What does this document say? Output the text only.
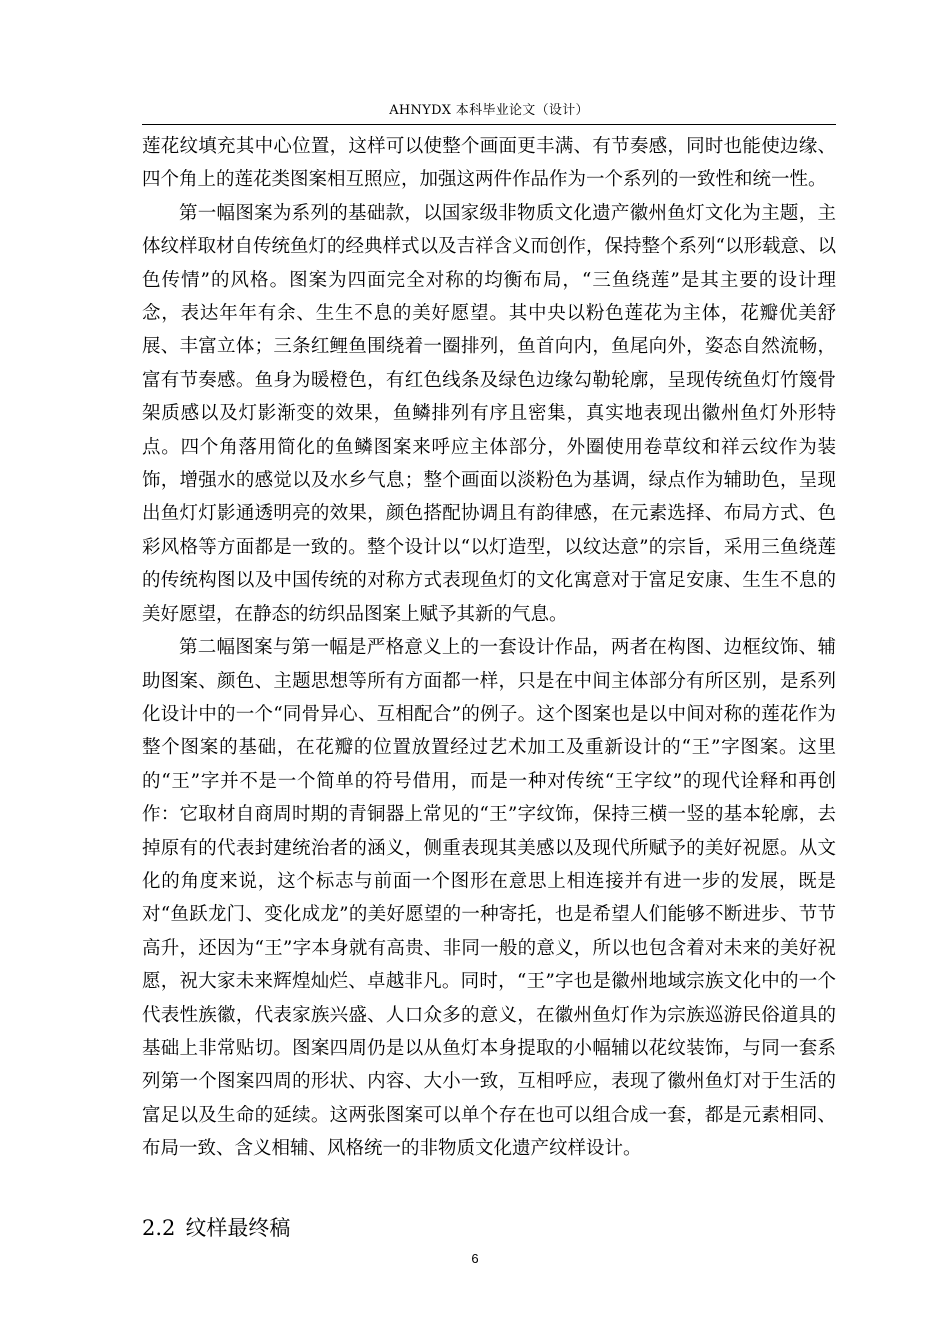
AHNYDX 本科毕业论文（设计）

莲花纹填充其中心位置，这样可以使整个画面更丰满、有节奏感，同时也能使边缘、四个角上的莲花类图案相互照应，加强这两件作品作为一个系列的一致性和统一性。

第一幅图案为系列的基础款，以国家级非物质文化遗产徽州鱼灯文化为主题，主体纹样取材自传统鱼灯的经典样式以及吉祥含义而创作，保持整个系列“以形载意、以色传情”的风格。图案为四面完全对称的均衡布局，“三鱼绕莲”是其主要的设计理念，表达年年有余、生生不息的美好愿望。其中央以粉色莲花为主体，花瓣优美舒展、丰富立体；三条红鲤鱼围绕着一圈排列，鱼首向内，鱼尾向外，姿态自然流畅，富有节奏感。鱼身为暖橙色，有红色线条及绿色边缘勾勒轮廓，呈现传统鱼灯竹篾骨架质感以及灯影渐变的效果，鱼鳞排列有序且密集，真实地表现出徽州鱼灯外形特点。四个角落用简化的鱼鳞图案来呼应主体部分，外圈使用卷草纹和祥云纹作为装饰，增强水的感觉以及水乡气息；整个画面以淡粉色为基调，绿点作为辅助色，呈现出鱼灯灯影通透明亮的效果，颜色搭配协调且有韵律感，在元素选择、布局方式、色彩风格等方面都是一致的。整个设计以“以灯造型，以纹达意”的宗旨，采用三鱼绕莲的传统构图以及中国传统的对称方式表现鱼灯的文化寓意对于富足安康、生生不息的美好愿望，在静态的纺织品图案上赋予其新的气息。

第二幅图案与第一幅是严格意义上的一套设计作品，两者在构图、边框纹饰、辅助图案、颜色、主题思想等所有方面都一样，只是在中间主体部分有所区别，是系列化设计中的一个“同骨异心、互相配合”的例子。这个图案也是以中间对称的莲花作为整个图案的基础，在花瓣的位置放置经过艺术加工及重新设计的“王”字图案。这里的“王”字并不是一个简单的符号借用，而是一种对传统“王字纹”的现代诠释和再创作：它取材自商周时期的青铜器上常见的“王”字纹饰，保持三横一竖的基本轮廓，去掉原有的代表封建统治者的涵义，侧重表现其美感以及现代所赋予的美好祝愿。从文化的角度来说，这个标志与前面一个图形在意思上相连接并有进一步的发展，既是对“鱼跃龙门、变化成龙”的美好愿望的一种寄托，也是希望人们能够不断进步、节节高升，还因为“王”字本身就有高贵、非同一般的意义，所以也包含着对未来的美好祝愿，祝大家未来辉煌灿烂、卓越非凡。同时，“王”字也是徽州地域宗族文化中的一个代表性族徽，代表家族兴盛、人口众多的意义，在徽州鱼灯作为宗族巡游民俗道具的基础上非常贴切。图案四周仍是以从鱼灯本身提取的小幅辅以花纹装饰，与同一套系列第一个图案四周的形状、内容、大小一致，互相呼应，表现了徽州鱼灯对于生活的富足以及生命的延续。这两张图案可以单个存在也可以组合成一套，都是元素相同、布局一致、含义相辅、风格统一的非物质文化遗产纹样设计。

2.2 纹样最终稿
6
